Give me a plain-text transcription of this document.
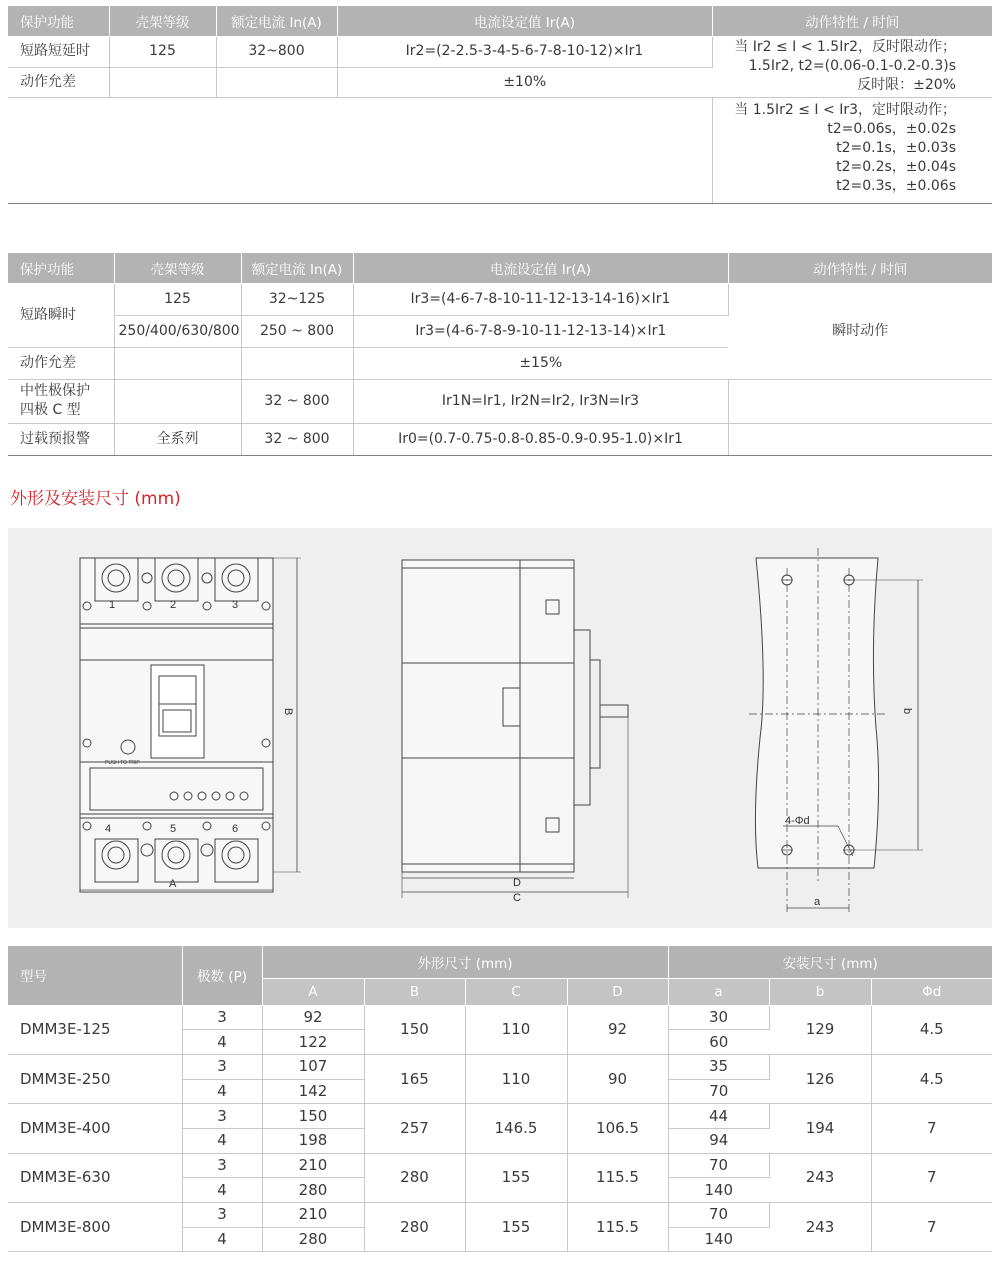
保护功能	壳架等级	额定电流 In(A)	电流设定值 Ir(A)	动作特性 / 时间
短路短延时	125	32~800	Ir2=(2-2.5-3-4-5-6-7-8-10-12)×Ir1	当 Ir2 ≤ I < 1.5Ir2，反时限动作；
1.5Ir2, t2=(0.06-0.1-0.2-0.3)s
反时限：±20%

动作允差			±10%	

				当 1.5Ir2 ≤ I < Ir3，定时限动作；
t2=0.06s，±0.02s
t2=0.1s，±0.03s
t2=0.2s，±0.04s
t2=0.3s，±0.06s
保护功能	壳架等级	额定电流 In(A)	电流设定值 Ir(A)	动作特性 / 时间
短路瞬时	125	32~125	Ir3=(4-6-7-8-10-11-12-13-14-16)×Ir1	瞬时动作
	250/400/630/800	250 ~ 800	Ir3=(4-6-7-8-9-10-11-12-13-14)×Ir1	
动作允差			±15%	

中性极保护
四极 C 型		32 ~ 800	Ir1N=Ir1, Ir2N=Ir2, Ir3N=Ir3	
过载预报警	全系列	32 ~ 800	Ir0=(0.7-0.75-0.8-0.85-0.9-0.95-1.0)×Ir1	
外形及安装尺寸 (mm)
1	2	3
4	5	6
PUSH TO TRIP
A
B
D
C
b
a
4-Φd
型号	极数 (P)	外形尺寸 (mm)				安装尺寸 (mm)		
		A	B	C	D	a	b	Φd
DMM3E-125	3	92	150	110	92	30	129	4.5
	4	122				60		
DMM3E-250	3	107	165	110	90	35	126	4.5
	4	142				70		
DMM3E-400	3	150	257	146.5	106.5	44	194	7
	4	198				94		
DMM3E-630	3	210	280	155	115.5	70	243	7
	4	280				140		
DMM3E-800	3	210	280	155	115.5	70	243	7
	4	280				140		
